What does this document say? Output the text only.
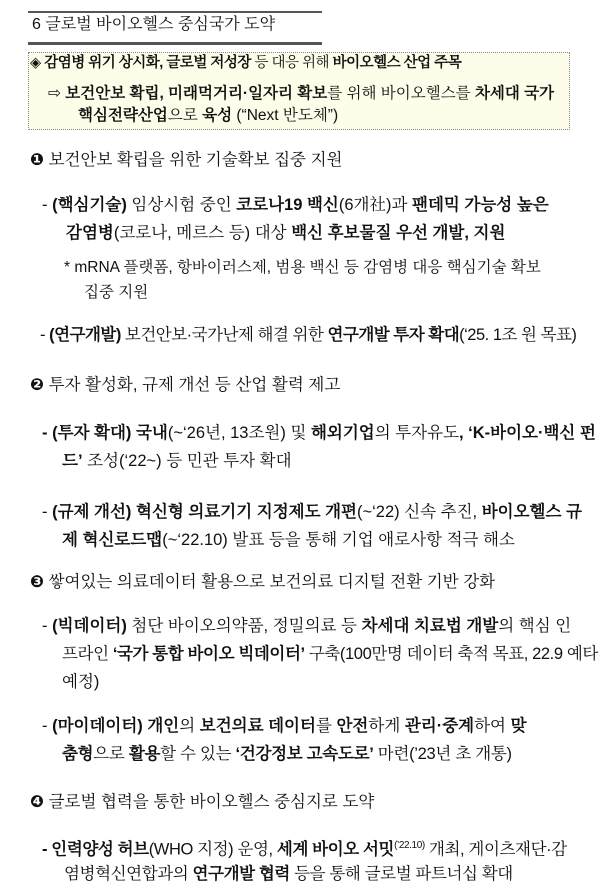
6 글로벌 바이오헬스 중심국가 도약
◈ 감염병 위기 상시화, 글로벌 저성장 등 대응 위해 바이오헬스 산업 주목
⇨ 보건안보 확립, 미래먹거리·일자리 확보를 위해 바이오헬스를 차세대 국가
핵심전략산업으로 육성 (“Next 반도체”)
❶ 보건안보 확립을 위한 기술확보 집중 지원
- (핵심기술) 임상시험 중인 코로나19 백신(6개社)과 팬데믹 가능성 높은
감염병(코로나, 메르스 등) 대상 백신 후보물질 우선 개발, 지원
* mRNA 플랫폼, 항바이러스제, 범용 백신 등 감염병 대응 핵심기술 확보
집중 지원
- (연구개발) 보건안보·국가난제 해결 위한 연구개발 투자 확대(‘25. 1조 원 목표)
❷ 투자 활성화, 규제 개선 등 산업 활력 제고
- (투자 확대) 국내(~‘26년, 13조원) 및 해외기업의 투자유도, ‘K-바이오·백신 펀
드’ 조성(‘22~) 등 민관 투자 확대
- (규제 개선) 혁신형 의료기기 지정제도 개편(~‘22) 신속 추진, 바이오헬스 규
제 혁신로드맵(~‘22.10) 발표 등을 통해 기업 애로사항 적극 해소
❸ 쌓여있는 의료데이터 활용으로 보건의료 디지털 전환 기반 강화
- (빅데이터) 첨단 바이오의약품, 정밀의료 등 차세대 치료법 개발의 핵심 인
프라인 ‘국가 통합 바이오 빅데이터’ 구축(100만명 데이터 축적 목표, 22.9 예타
예정)
- (마이데이터) 개인의 보건의료 데이터를 안전하게 관리·중계하여 맞
춤형으로 활용할 수 있는 ‘건강정보 고속도로’ 마련(’23년 초 개통)
❹ 글로벌 협력을 통한 바이오헬스 중심지로 도약
- 인력양성 허브(WHO 지정) 운영, 세계 바이오 서밋$^{(’22.10)}$ 개최, 게이츠재단·감
염병혁신연합과의 연구개발 협력 등을 통해 글로벌 파트너십 확대
